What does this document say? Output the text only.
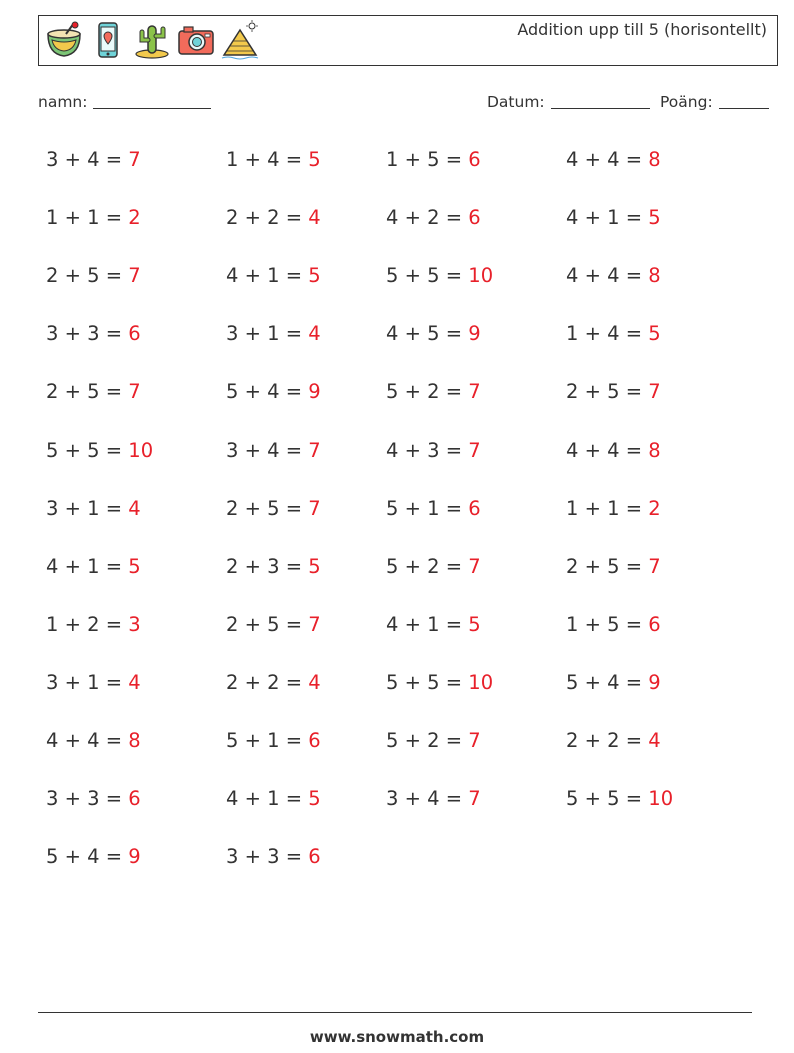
Addition upp till 5 (horisontellt)
namn:	Datum:	Poäng:
3 + 4 = 7
1 + 1 = 2
2 + 5 = 7
3 + 3 = 6
2 + 5 = 7
5 + 5 = 10
3 + 1 = 4
4 + 1 = 5
1 + 2 = 3
3 + 1 = 4
4 + 4 = 8
3 + 3 = 6
5 + 4 = 9
1 + 4 = 5
2 + 2 = 4
4 + 1 = 5
3 + 1 = 4
5 + 4 = 9
3 + 4 = 7
2 + 5 = 7
2 + 3 = 5
2 + 5 = 7
2 + 2 = 4
5 + 1 = 6
4 + 1 = 5
3 + 3 = 6
1 + 5 = 6
4 + 2 = 6
5 + 5 = 10
4 + 5 = 9
5 + 2 = 7
4 + 3 = 7
5 + 1 = 6
5 + 2 = 7
4 + 1 = 5
5 + 5 = 10
5 + 2 = 7
3 + 4 = 7
4 + 4 = 8
4 + 1 = 5
4 + 4 = 8
1 + 4 = 5
2 + 5 = 7
4 + 4 = 8
1 + 1 = 2
2 + 5 = 7
1 + 5 = 6
5 + 4 = 9
2 + 2 = 4
5 + 5 = 10
www.snowmath.com
